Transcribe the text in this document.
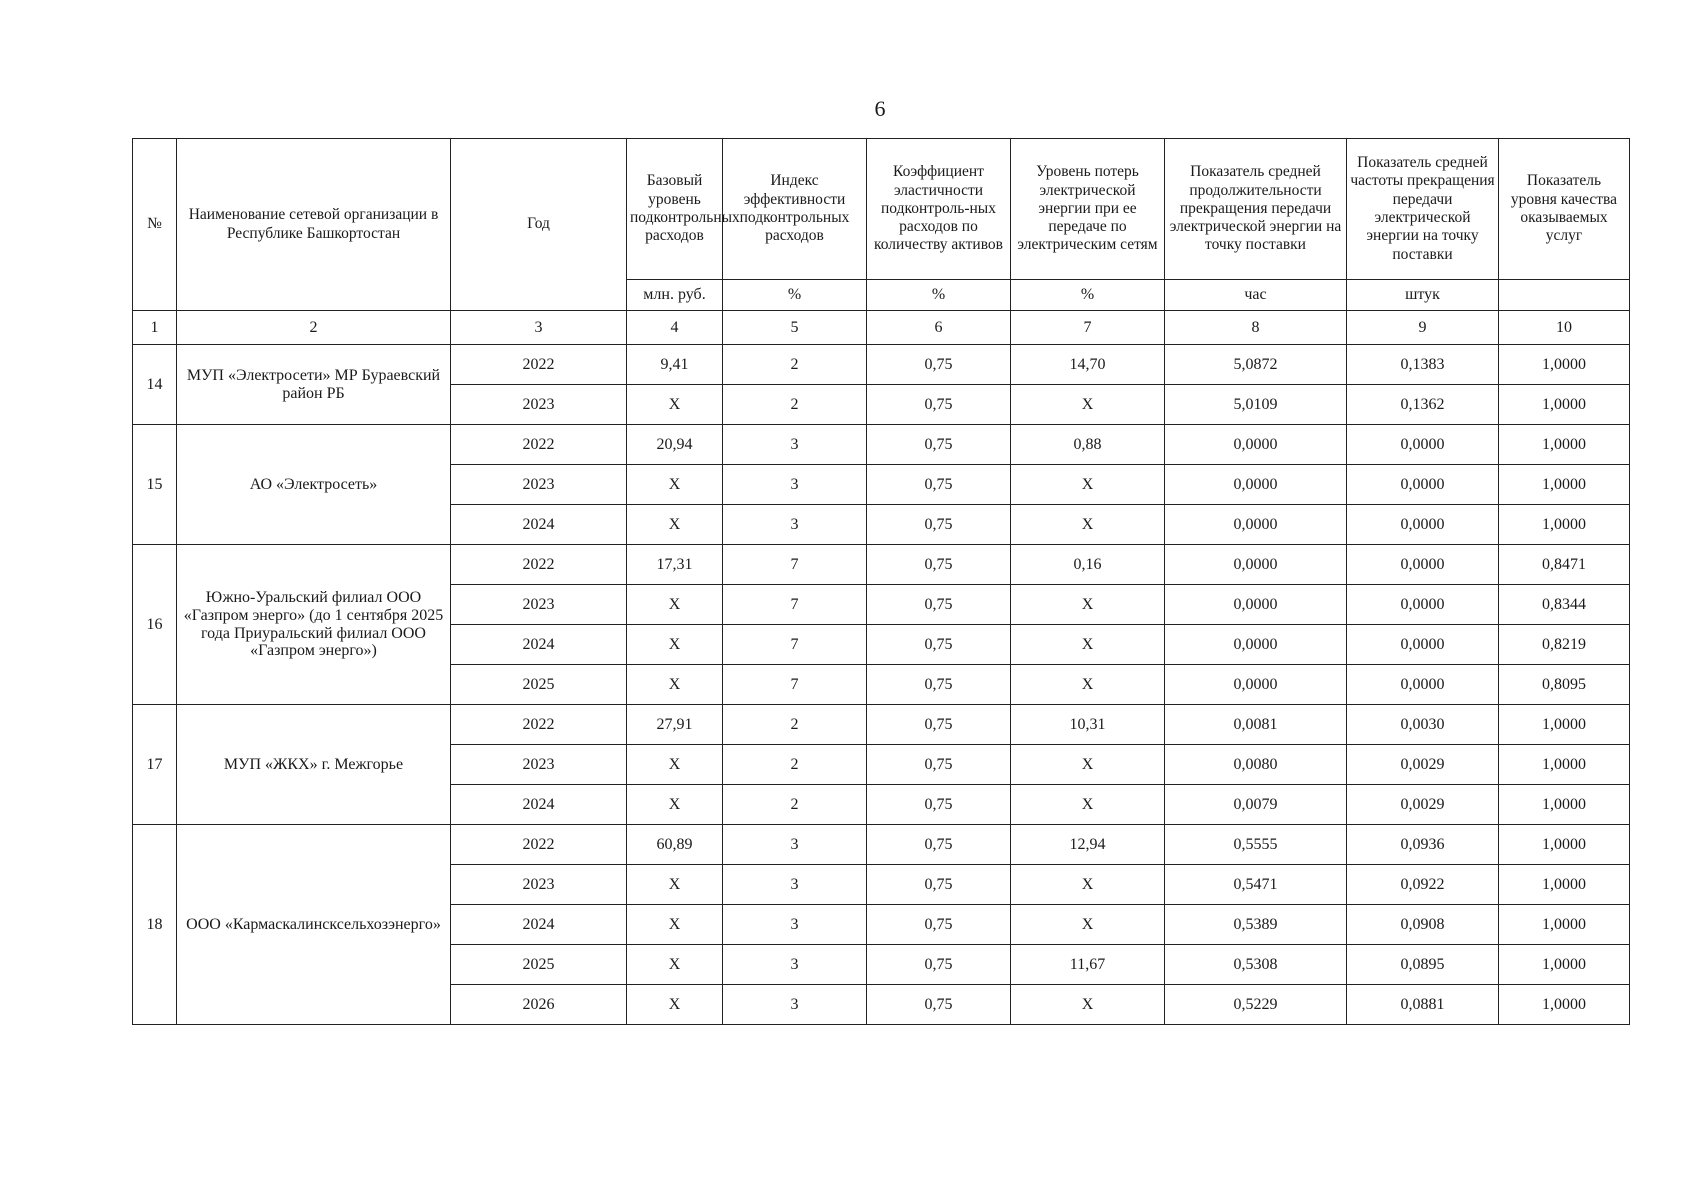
6
№	Наименование сетевой организации в Республике Башкортостан	Год	Базовый уровень подконтрольных расходов	Индекс эффективности подконтрольных расходов	Коэффициент эластичности подконтроль-ных расходов по количеству активов	Уровень потерь электрической энергии при ее передаче по электрическим сетям	Показатель средней продолжительности прекращения передачи электрической энергии на точку поставки	Показатель средней частоты прекращения передачи электрической энергии на точку поставки	Показатель уровня качества оказываемых услуг
			млн. руб.	%	%	%	час	штук	
1	2	3	4	5	6	7	8	9	10
14	МУП «Электросети» МР Бураевский район РБ	2022	9,41	2	0,75	14,70	5,0872	0,1383	1,0000
		2023	X	2	0,75	X	5,0109	0,1362	1,0000
15	АО «Электросеть»	2022	20,94	3	0,75	0,88	0,0000	0,0000	1,0000
		2023	X	3	0,75	X	0,0000	0,0000	1,0000
		2024	X	3	0,75	X	0,0000	0,0000	1,0000
16	Южно-Уральский филиал ООО «Газпром энерго» (до 1 сентября 2025 года Приуральский филиал ООО «Газпром энерго»)	2022	17,31	7	0,75	0,16	0,0000	0,0000	0,8471
		2023	X	7	0,75	X	0,0000	0,0000	0,8344
		2024	X	7	0,75	X	0,0000	0,0000	0,8219
		2025	X	7	0,75	X	0,0000	0,0000	0,8095
17	МУП «ЖКХ» г. Межгорье	2022	27,91	2	0,75	10,31	0,0081	0,0030	1,0000
		2023	X	2	0,75	X	0,0080	0,0029	1,0000
		2024	X	2	0,75	X	0,0079	0,0029	1,0000
18	ООО «Кармаскалинсксельхозэнерго»	2022	60,89	3	0,75	12,94	0,5555	0,0936	1,0000
		2023	X	3	0,75	X	0,5471	0,0922	1,0000
		2024	X	3	0,75	X	0,5389	0,0908	1,0000
		2025	X	3	0,75	11,67	0,5308	0,0895	1,0000
		2026	X	3	0,75	X	0,5229	0,0881	1,0000
